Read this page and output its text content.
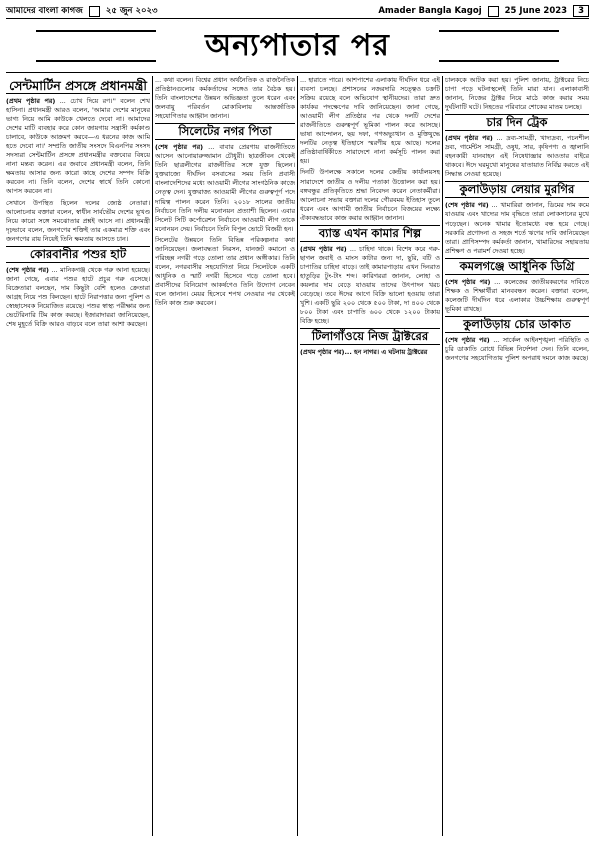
আমাদের বাংলা কাগজ	২৫ জুন ২০২৩	Amader Bangla Kagoj	25 June 2023	3
অন্যপাতার পর
সেন্টমার্টিন প্রসঙ্গে প্রধানমন্ত্রী

(প্রথম পৃষ্ঠার পর) ... চোখ দিয়ে রণ।'' বলেন শেখ হাসিনা। প্রধানমন্ত্রী আরও বলেন, 'আমার দেশের মানুষের ভাগ্য নিয়ে আমি কাউকে খেলতে দেবো না। আমাদের দেশের মাটি ব্যবহার করে কোন জায়গায় সন্ত্রাসী কর্মকাণ্ড চালাবে, কাউকে আক্রমণ করবে—এ ধরনের কাজ আমি হতে দেবো না।' সম্প্রতি জাতীয় সংসদে বিএনপির সংসদ সদস্যরা সেন্টমার্টিন প্রসঙ্গে প্রধানমন্ত্রীর বক্তব্যের বিষয়ে নানা মন্তব্য করেন। এর জবাবে প্রধানমন্ত্রী বলেন, তিনি ক্ষমতায় আসার জন্য কারো কাছে দেশের সম্পদ বিক্রি করবেন না। তিনি বলেন, দেশের স্বার্থে তিনি কোনো আপস করবেন না।

সেখানে উপস্থিত ছিলেন দলের জ্যেষ্ঠ নেতারা। আলোচনায় বক্তারা বলেন, স্বাধীন সার্বভৌম দেশের ভূখণ্ড নিয়ে কারো সঙ্গে সমঝোতার প্রশ্নই আসে না। প্রধানমন্ত্রী দৃঢ়ভাবে বলেন, জনগণের শক্তিই তার একমাত্র শক্তি এবং জনগণের রায় নিয়েই তিনি ক্ষমতায় আসতে চান।

কোরবানীর পশুর হাট

(শেষ পৃষ্ঠার পর) ... মানিকগঞ্জ থেকে গরু আনা হয়েছে। জানা গেছে, এবার পশুর হাটে প্রচুর গরু এসেছে। বিক্রেতারা বলছেন, দাম কিছুটা বেশি হলেও ক্রেতারা আগ্রহ নিয়ে পশু কিনছেন। হাটে নিরাপত্তার জন্য পুলিশ ও স্বেচ্ছাসেবক নিয়োজিত রয়েছে। পশুর স্বাস্থ্য পরীক্ষার জন্য ভেটেরিনারি টিম কাজ করছে। ইজারাদাররা জানিয়েছেন, শেষ মুহূর্তে বিক্রি আরও বাড়বে বলে তারা আশা করছেন।

... কথা বলেন। বিশ্বের প্রধান অর্থনৈতিক ও রাজনৈতিক প্রতিষ্ঠানগুলোর কর্মকর্তাদের সঙ্গেও তার বৈঠক হয়। তিনি বাংলাদেশের উন্নয়ন অভিজ্ঞতা তুলে ধরেন এবং জলবায়ু পরিবর্তন মোকাবিলায় আন্তর্জাতিক সহযোগিতার আহ্বান জানান।

সিলেটের নগর পিতা

(শেষ পৃষ্ঠার পর) ... বাবার প্রেরণায় রাজনীতিতে আসেন আনোয়ারুজ্জামান চৌধুরী। ছাত্রজীবন থেকেই তিনি ছাত্রলীগের রাজনীতির সঙ্গে যুক্ত ছিলেন। যুক্তরাজ্যে দীর্ঘদিন বসবাসের সময় তিনি প্রবাসী বাংলাদেশিদের মধ্যে আওয়ামী লীগের সাংগঠনিক কাজে নেতৃত্ব দেন। যুক্তরাজ্য আওয়ামী লীগের গুরুত্বপূর্ণ পদে দায়িত্ব পালন করেন তিনি। ২০১৮ সালের জাতীয় নির্বাচনে তিনি দলীয় মনোনয়ন প্রত্যাশী ছিলেন। এবার সিলেট সিটি কর্পোরেশন নির্বাচনে আওয়ামী লীগ তাকে মনোনয়ন দেয়। নির্বাচনে তিনি বিপুল ভোটে বিজয়ী হন।

সিলেটের উন্নয়নে তিনি বিভিন্ন পরিকল্পনার কথা জানিয়েছেন। জলাবদ্ধতা নিরসন, যানজট কমানো ও পরিচ্ছন্ন নগরী গড়ে তোলা তার প্রধান অঙ্গীকার। তিনি বলেন, নগরবাসীর সহযোগিতা নিয়ে সিলেটকে একটি আধুনিক ও স্মার্ট নগরী হিসেবে গড়ে তোলা হবে। প্রবাসীদের বিনিয়োগ আকর্ষণেও তিনি উদ্যোগ নেবেন বলে জানান। মেয়র হিসেবে শপথ নেওয়ার পর থেকেই তিনি কাজ শুরু করবেন।

... হারাতে পারে। আশপাশের এলাকায় দীর্ঘদিন ধরে এই ব্যবসা চলছে। প্রশাসনের নজরদারি সত্ত্বেও চক্রটি সক্রিয় রয়েছে বলে অভিযোগ স্থানীয়দের। তারা দ্রুত কার্যকর পদক্ষেপের দাবি জানিয়েছেন। জানা গেছে, আওয়ামী লীগ প্রতিষ্ঠার পর থেকে দলটি দেশের রাজনীতিতে গুরুত্বপূর্ণ ভূমিকা পালন করে আসছে। ভাষা আন্দোলন, ছয় দফা, গণঅভ্যুত্থান ও মুক্তিযুদ্ধে দলটির নেতৃত্ব ইতিহাসে স্মরণীয় হয়ে আছে। দলের প্রতিষ্ঠাবার্ষিকীতে সারাদেশে নানা কর্মসূচি পালন করা হয়।

দিনটি উপলক্ষে সকালে দলের কেন্দ্রীয় কার্যালয়সহ সারাদেশে জাতীয় ও দলীয় পতাকা উত্তোলন করা হয়। বঙ্গবন্ধুর প্রতিকৃতিতে শ্রদ্ধা নিবেদন করেন নেতাকর্মীরা। আলোচনা সভায় বক্তারা দলের গৌরবময় ইতিহাস তুলে ধরেন এবং আগামী জাতীয় নির্বাচনে বিজয়ের লক্ষ্যে ঐক্যবদ্ধভাবে কাজ করার আহ্বান জানান।

ব্যাস্ত এখন কামার শিল্প

(প্রথম পৃষ্ঠার পর) ... চাহিদা থাকে। বিশেষ করে গরু-ছাগল জবাই ও মাংস কাটার জন্য দা, ছুরি, বটি ও চাপাতির চাহিদা বাড়ে। তাই কামারপাড়ায় এখন দিনরাত হাতুড়ির টুং-টাং শব্দ। কারিগররা জানান, লোহা ও কয়লার দাম বেড়ে যাওয়ায় তাদের উৎপাদন খরচ বেড়েছে। তবে ঈদের আগে বিক্রি ভালো হওয়ায় তারা খুশি। একটি ছুরি ২০০ থেকে ৫০০ টাকা, দা ৪০০ থেকে ৮০০ টাকা এবং চাপাতি ৬০০ থেকে ১২০০ টাকায় বিক্রি হচ্ছে।

টিলাগাঁওয়ে নিজ ট্রাক্টরের

(প্রথম পৃষ্ঠার পর)... হন নাগর। এ ঘটনায় ট্রাক্টরের

চালককে আটক করা হয়। পুলিশ জানায়, ট্রাক্টরের নিচে চাপা পড়ে ঘটনাস্থলেই তিনি মারা যান। এলাকাবাসী জানান, নিজের ট্রাক্টর নিয়ে মাঠে কাজ করার সময় দুর্ঘটনাটি ঘটে। নিহতের পরিবারে শোকের মাতম চলছে।

চার দিন ট্রেক

(প্রথম পৃষ্ঠার পর) ... দ্রব্য-সামগ্রী, খাদ্যদ্রব্য, পচনশীল দ্রব্য, গার্মেন্টস সামগ্রী, ওষুধ, সার, কৃষিপণ্য ও জ্বালানি বহনকারী যানবাহন এই নিষেধাজ্ঞার আওতার বাইরে থাকবে। ঈদে ঘরমুখো মানুষের যাতায়াত নির্বিঘ্ন করতে এই সিদ্ধান্ত নেওয়া হয়েছে।

কুলাউড়ায় লেয়ার মুরগির

(শেষ পৃষ্ঠার পর) ... খামারিরা জানান, ডিমের দাম কমে যাওয়ায় এবং খাদ্যের দাম বৃদ্ধিতে তারা লোকসানের মুখে পড়েছেন। অনেক খামার ইতোমধ্যে বন্ধ হয়ে গেছে। সরকারি প্রণোদনা ও সহজ শর্তে ঋণের দাবি জানিয়েছেন তারা। প্রাণিসম্পদ কর্মকর্তা জানান, খামারিদের সহায়তায় প্রশিক্ষণ ও পরামর্শ দেওয়া হচ্ছে।

কমলগঞ্জে আধুনিক ডিগ্রি

(শেষ পৃষ্ঠার পর) ... কলেজের জাতীয়করণের দাবিতে শিক্ষক ও শিক্ষার্থীরা মানববন্ধন করেন। বক্তারা বলেন, কলেজটি দীর্ঘদিন ধরে এলাকার উচ্চশিক্ষায় গুরুত্বপূর্ণ ভূমিকা রাখছে।

কুলাউড়ায় চোর ডাকাত

(শেষ পৃষ্ঠার পর) ... সার্কেল আইনশৃঙ্খলা পরিস্থিতি ও চুরি ডাকাতি রোধে বিভিন্ন নির্দেশনা দেন। তিনি বলেন, জনগণের সহযোগিতায় পুলিশ অপরাধ দমনে কাজ করছে।
